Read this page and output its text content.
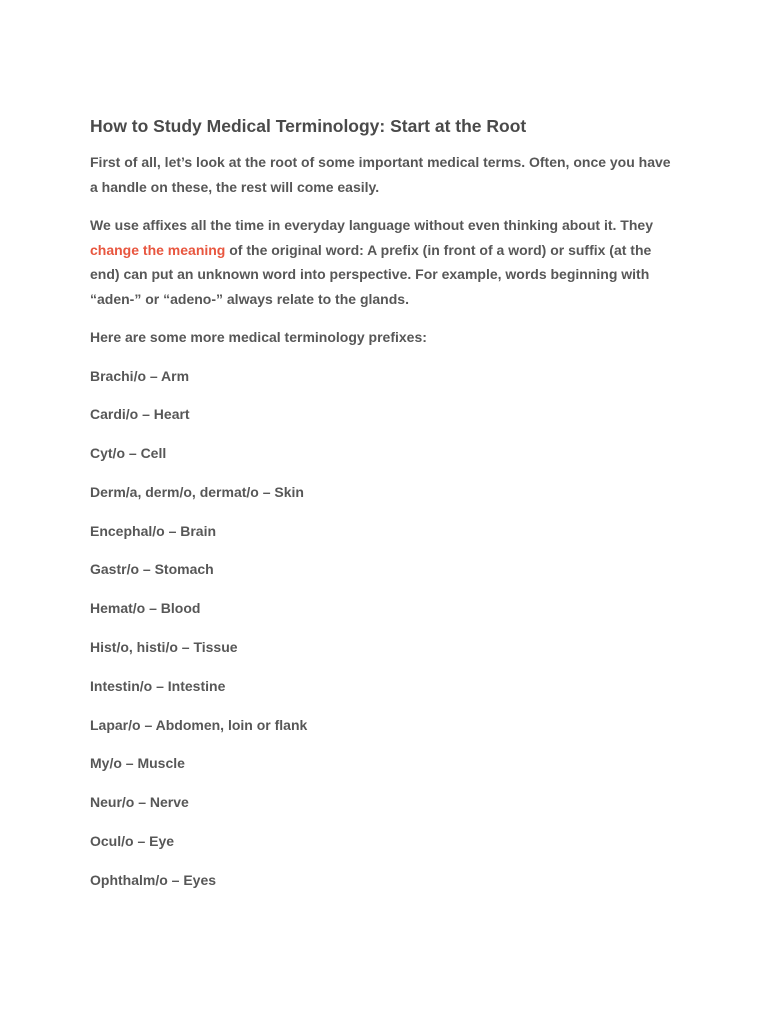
How to Study Medical Terminology: Start at the Root

First of all, let’s look at the root of some important medical terms. Often, once you have a handle on these, the rest will come easily.

We use affixes all the time in everyday language without even thinking about it. They change the meaning of the original word: A prefix (in front of a word) or suffix (at the end) can put an unknown word into perspective. For example, words beginning with “aden-” or “adeno-” always relate to the glands.

Here are some more medical terminology prefixes:

Brachi/o – Arm
Cardi/o – Heart
Cyt/o – Cell
Derm/a, derm/o, dermat/o – Skin
Encephal/o – Brain
Gastr/o – Stomach
Hemat/o – Blood
Hist/o, histi/o – Tissue
Intestin/o – Intestine
Lapar/o – Abdomen, loin or flank
My/o – Muscle
Neur/o – Nerve
Ocul/o – Eye
Ophthalm/o – Eyes
